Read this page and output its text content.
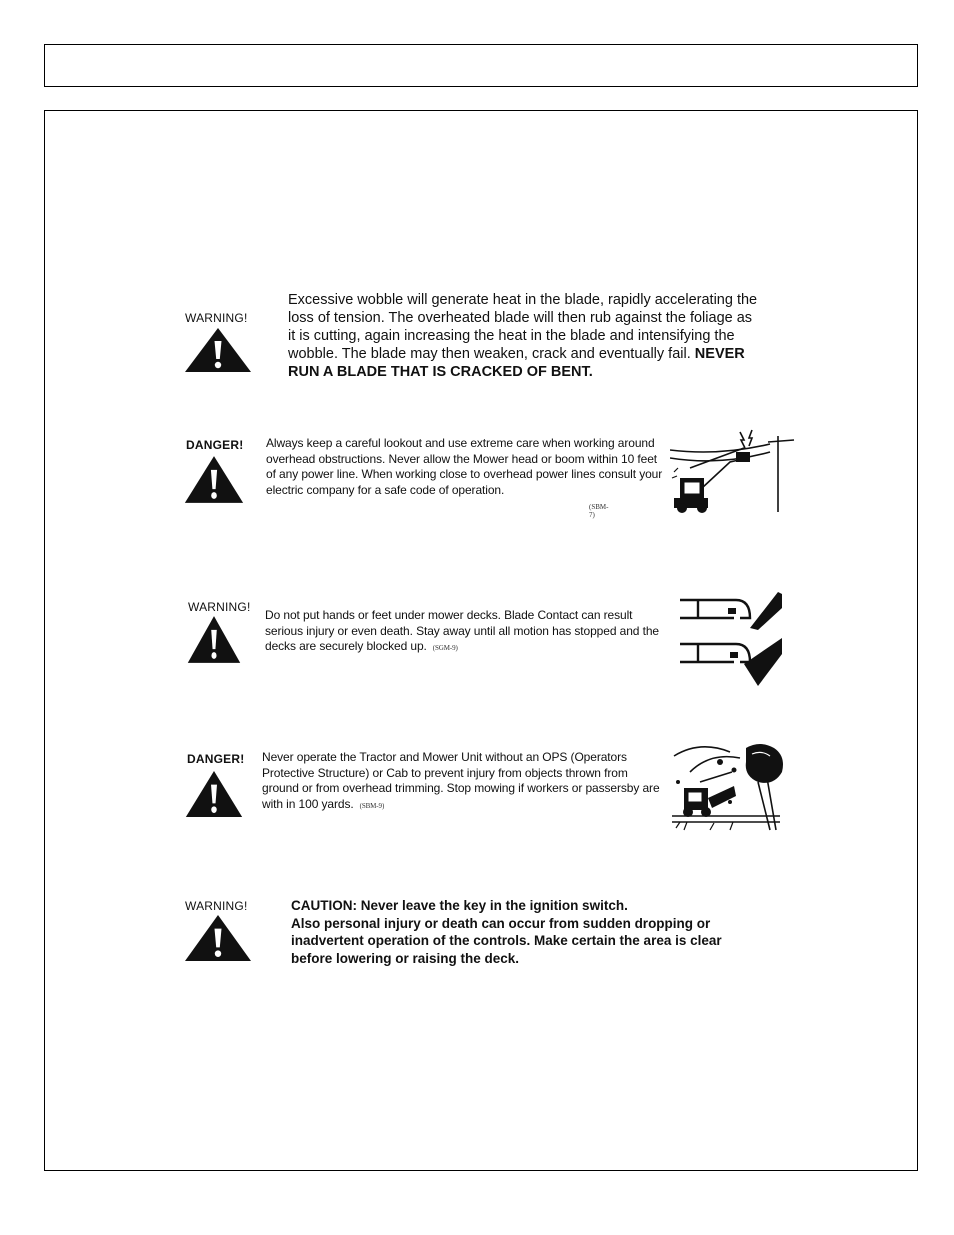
WARNING!
Excessive wobble will generate heat in the blade, rapidly accelerating the loss of tension. The overheated blade will then rub against the foliage as it is cutting, again increasing the heat in the blade and intensifying the wobble. The blade may then weaken, crack and eventually fail. NEVER RUN A BLADE THAT IS CRACKED OF BENT.
DANGER! Always keep a careful lookout and use extreme care when working around overhead obstructions. Never allow the Mower head or boom within 10 feet of any power line. When working close to overhead power lines consult your electric company for a safe code of operation.
(SBM-7)
WARNING!
Do not put hands or feet under mower decks. Blade Contact can result serious injury or even death. Stay away until all motion has stopped and the decks are securely blocked up. (SGM-9)
DANGER! Never operate the Tractor and Mower Unit without an OPS (Operators Protective Structure) or Cab to prevent injury from objects thrown from ground or from overhead trimming. Stop mowing if workers or passersby are with in 100 yards. (SBM-9)
WARNING!	CAUTION: Never leave the key in the ignition switch.

Also personal injury or death can occur from sudden dropping or inadvertent operation of the controls. Make certain the area is clear before lowering or raising the deck.
